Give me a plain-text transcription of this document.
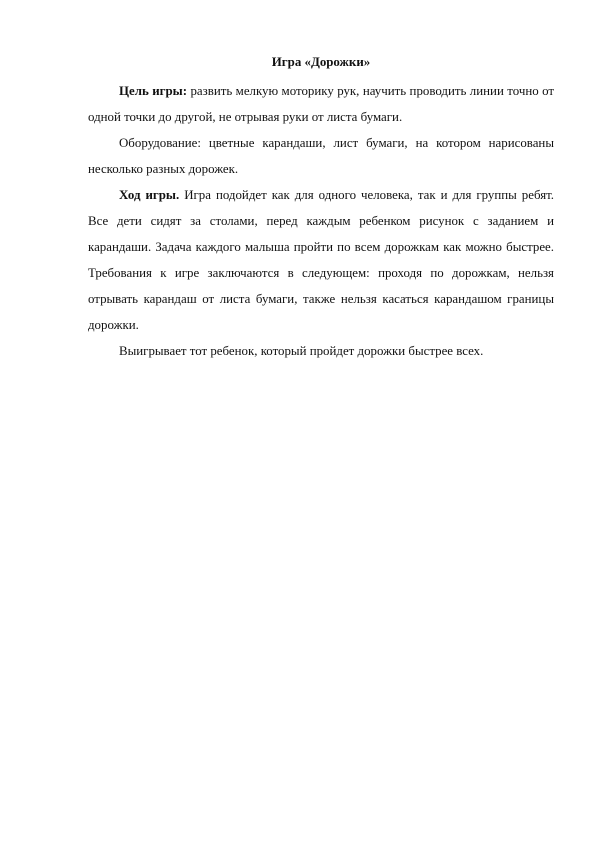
Игра «Дорожки»

Цель игры: развить мелкую моторику рук, научить проводить линии точно от одной точки до другой, не отрывая руки от листа бумаги.

Оборудование: цветные карандаши, лист бумаги, на котором нарисованы несколько разных дорожек.

Ход игры. Игра подойдет как для одного человека, так и для группы ребят. Все дети сидят за столами, перед каждым ребенком рисунок с заданием и карандаши. Задача каждого малыша пройти по всем дорожкам как можно быстрее. Требования к игре заключаются в следующем: проходя по дорожкам, нельзя отрывать карандаш от листа бумаги, также нельзя касаться карандашом границы дорожки.

Выигрывает тот ребенок, который пройдет дорожки быстрее всех.
